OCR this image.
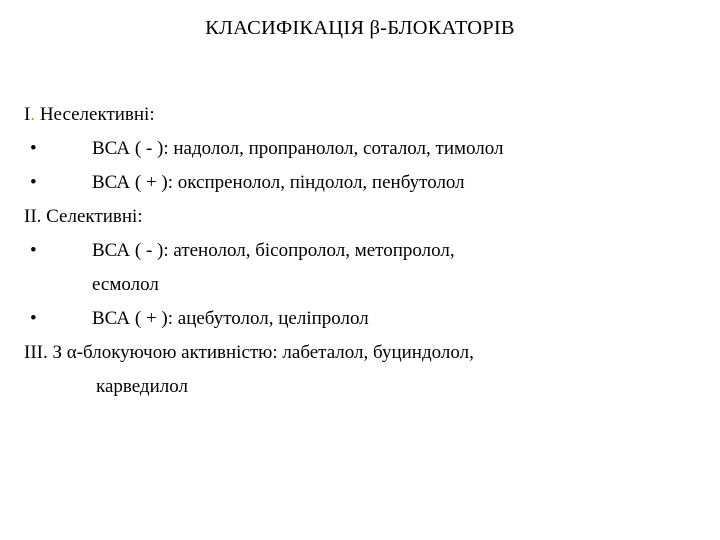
КЛАСИФІКАЦІЯ β-БЛОКАТОРІВ
І. Неселективні:
•	ВСА ( - ): надолол, пропранолол, соталол, тимолол
•	ВСА ( + ): окспренолол, піндолол, пенбутолол
ІІ. Селективні:
•	ВСА ( - ): атенолол, бісопролол, метопролол,
есмолол
•	ВСА ( + ): ацебутолол, целіпролол
ІІІ. З α-блокуючою активністю: лабеталол, буциндолол,
карведилол
